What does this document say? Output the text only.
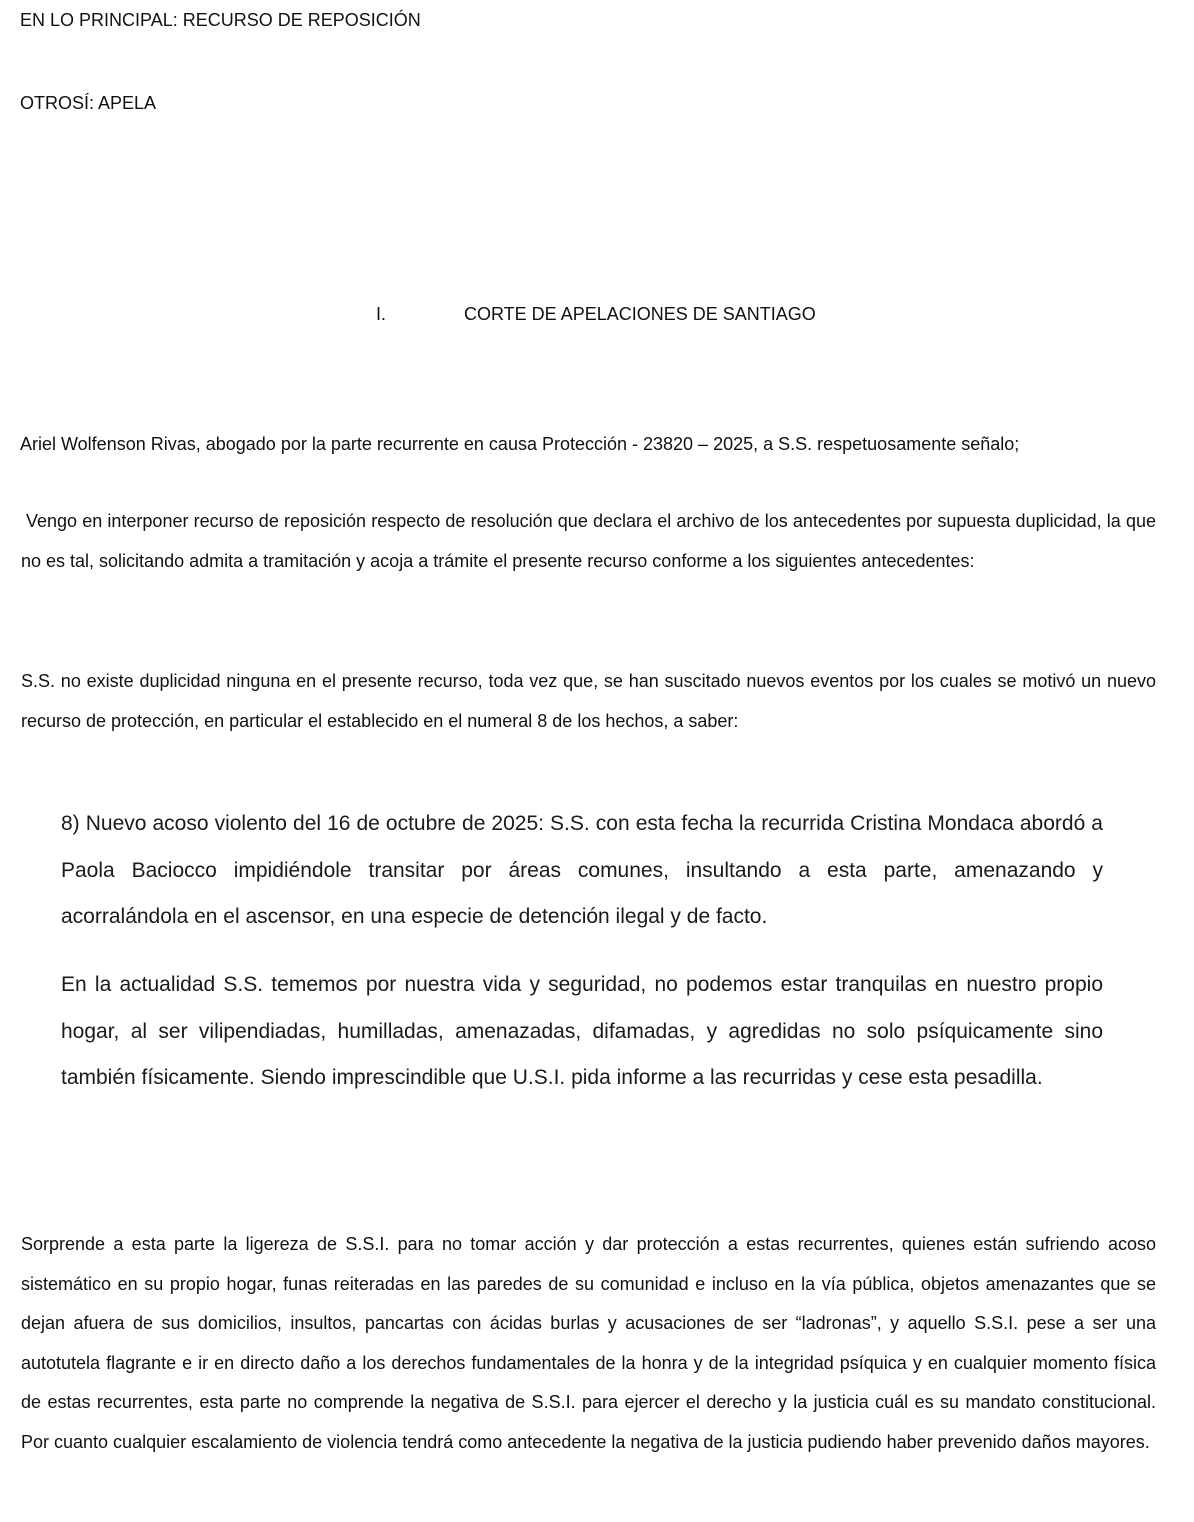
EN LO PRINCIPAL: RECURSO DE REPOSICIÓN

OTROSÍ: APELA

I.	CORTE DE APELACIONES DE SANTIAGO

Ariel Wolfenson Rivas, abogado por la parte recurrente en causa Protección - 23820 – 2025, a S.S. respetuosamente señalo;

Vengo en interponer recurso de reposición respecto de resolución que declara el archivo de los antecedentes por supuesta duplicidad, la que no es tal, solicitando admita a tramitación y acoja a trámite el presente recurso conforme a los siguientes antecedentes:

S.S. no existe duplicidad ninguna en el presente recurso, toda vez que, se han suscitado nuevos eventos por los cuales se motivó un nuevo recurso de protección, en particular el establecido en el numeral 8 de los hechos, a saber:

8) Nuevo acoso violento del 16 de octubre de 2025: S.S. con esta fecha la recurrida Cristina Mondaca abordó a Paola Baciocco impidiéndole transitar por áreas comunes, insultando a esta parte, amenazando y acorralándola en el ascensor, en una especie de detención ilegal y de facto.

En la actualidad S.S. tememos por nuestra vida y seguridad, no podemos estar tranquilas en nuestro propio hogar, al ser vilipendiadas, humilladas, amenazadas, difamadas, y agredidas no solo psíquicamente sino también físicamente. Siendo imprescindible que U.S.I. pida informe a las recurridas y cese esta pesadilla.

Sorprende a esta parte la ligereza de S.S.I. para no tomar acción y dar protección a estas recurrentes, quienes están sufriendo acoso sistemático en su propio hogar, funas reiteradas en las paredes de su comunidad e incluso en la vía pública, objetos amenazantes que se dejan afuera de sus domicilios, insultos, pancartas con ácidas burlas y acusaciones de ser “ladronas”, y aquello S.S.I. pese a ser una autotutela flagrante e ir en directo daño a los derechos fundamentales de la honra y de la integridad psíquica y en cualquier momento física de estas recurrentes, esta parte no comprende la negativa de S.S.I. para ejercer el derecho y la justicia cuál es su mandato constitucional. Por cuanto cualquier escalamiento de violencia tendrá como antecedente la negativa de la justicia pudiendo haber prevenido daños mayores.
